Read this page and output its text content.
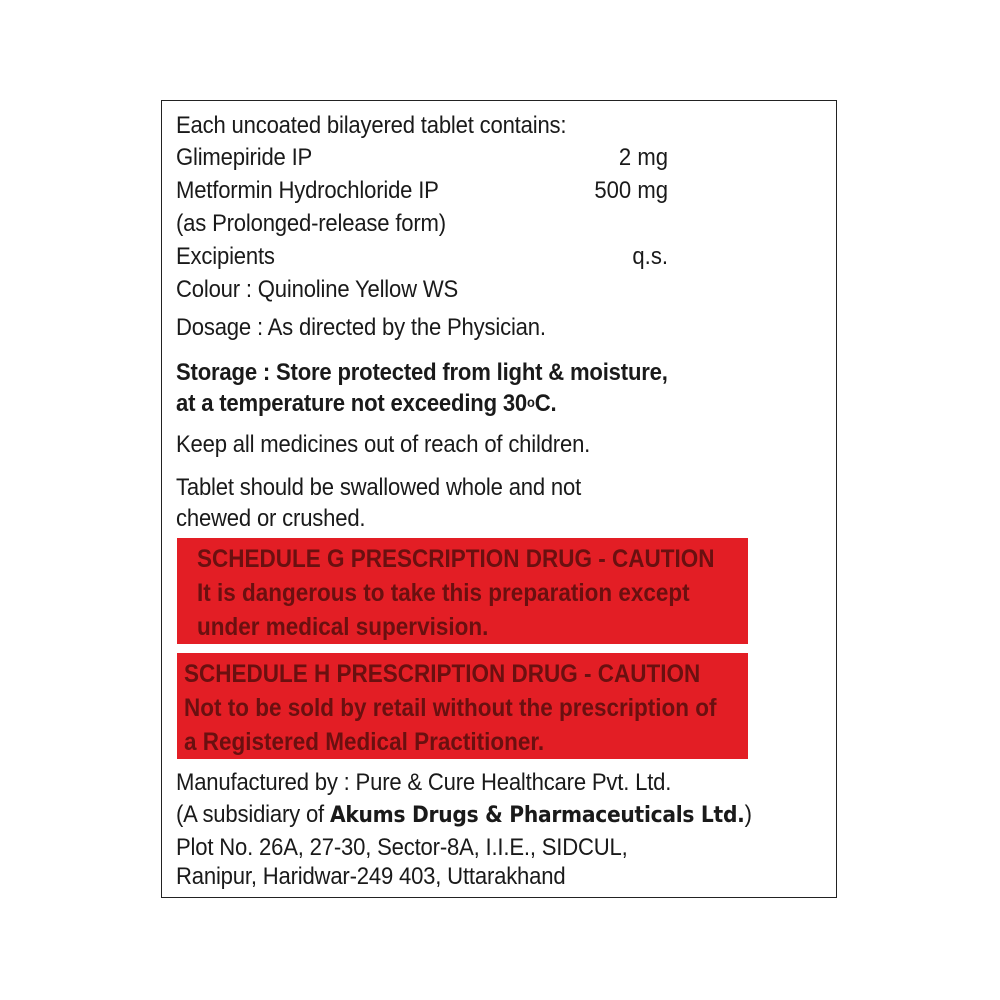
Each uncoated bilayered tablet contains:
Glimepiride IP	2 mg
Metformin Hydrochloride IP	500 mg
(as Prolonged-release form)
Excipients	q.s.
Colour : Quinoline Yellow WS
Dosage : As directed by the Physician.
Storage : Store protected from light & moisture,
at a temperature not exceeding 30$^o$C.
Keep all medicines out of reach of children.
Tablet should be swallowed whole and not
chewed or crushed.
SCHEDULE G PRESCRIPTION DRUG - CAUTION
It is dangerous to take this preparation except
under medical supervision.
SCHEDULE H PRESCRIPTION DRUG - CAUTION
Not to be sold by retail without the prescription of
a Registered Medical Practitioner.
Manufactured by : Pure & Cure Healthcare Pvt. Ltd.
(A subsidiary of Akums Drugs & Pharmaceuticals Ltd.)
Plot No. 26A, 27-30, Sector-8A, I.I.E., SIDCUL,
Ranipur, Haridwar-249 403, Uttarakhand
